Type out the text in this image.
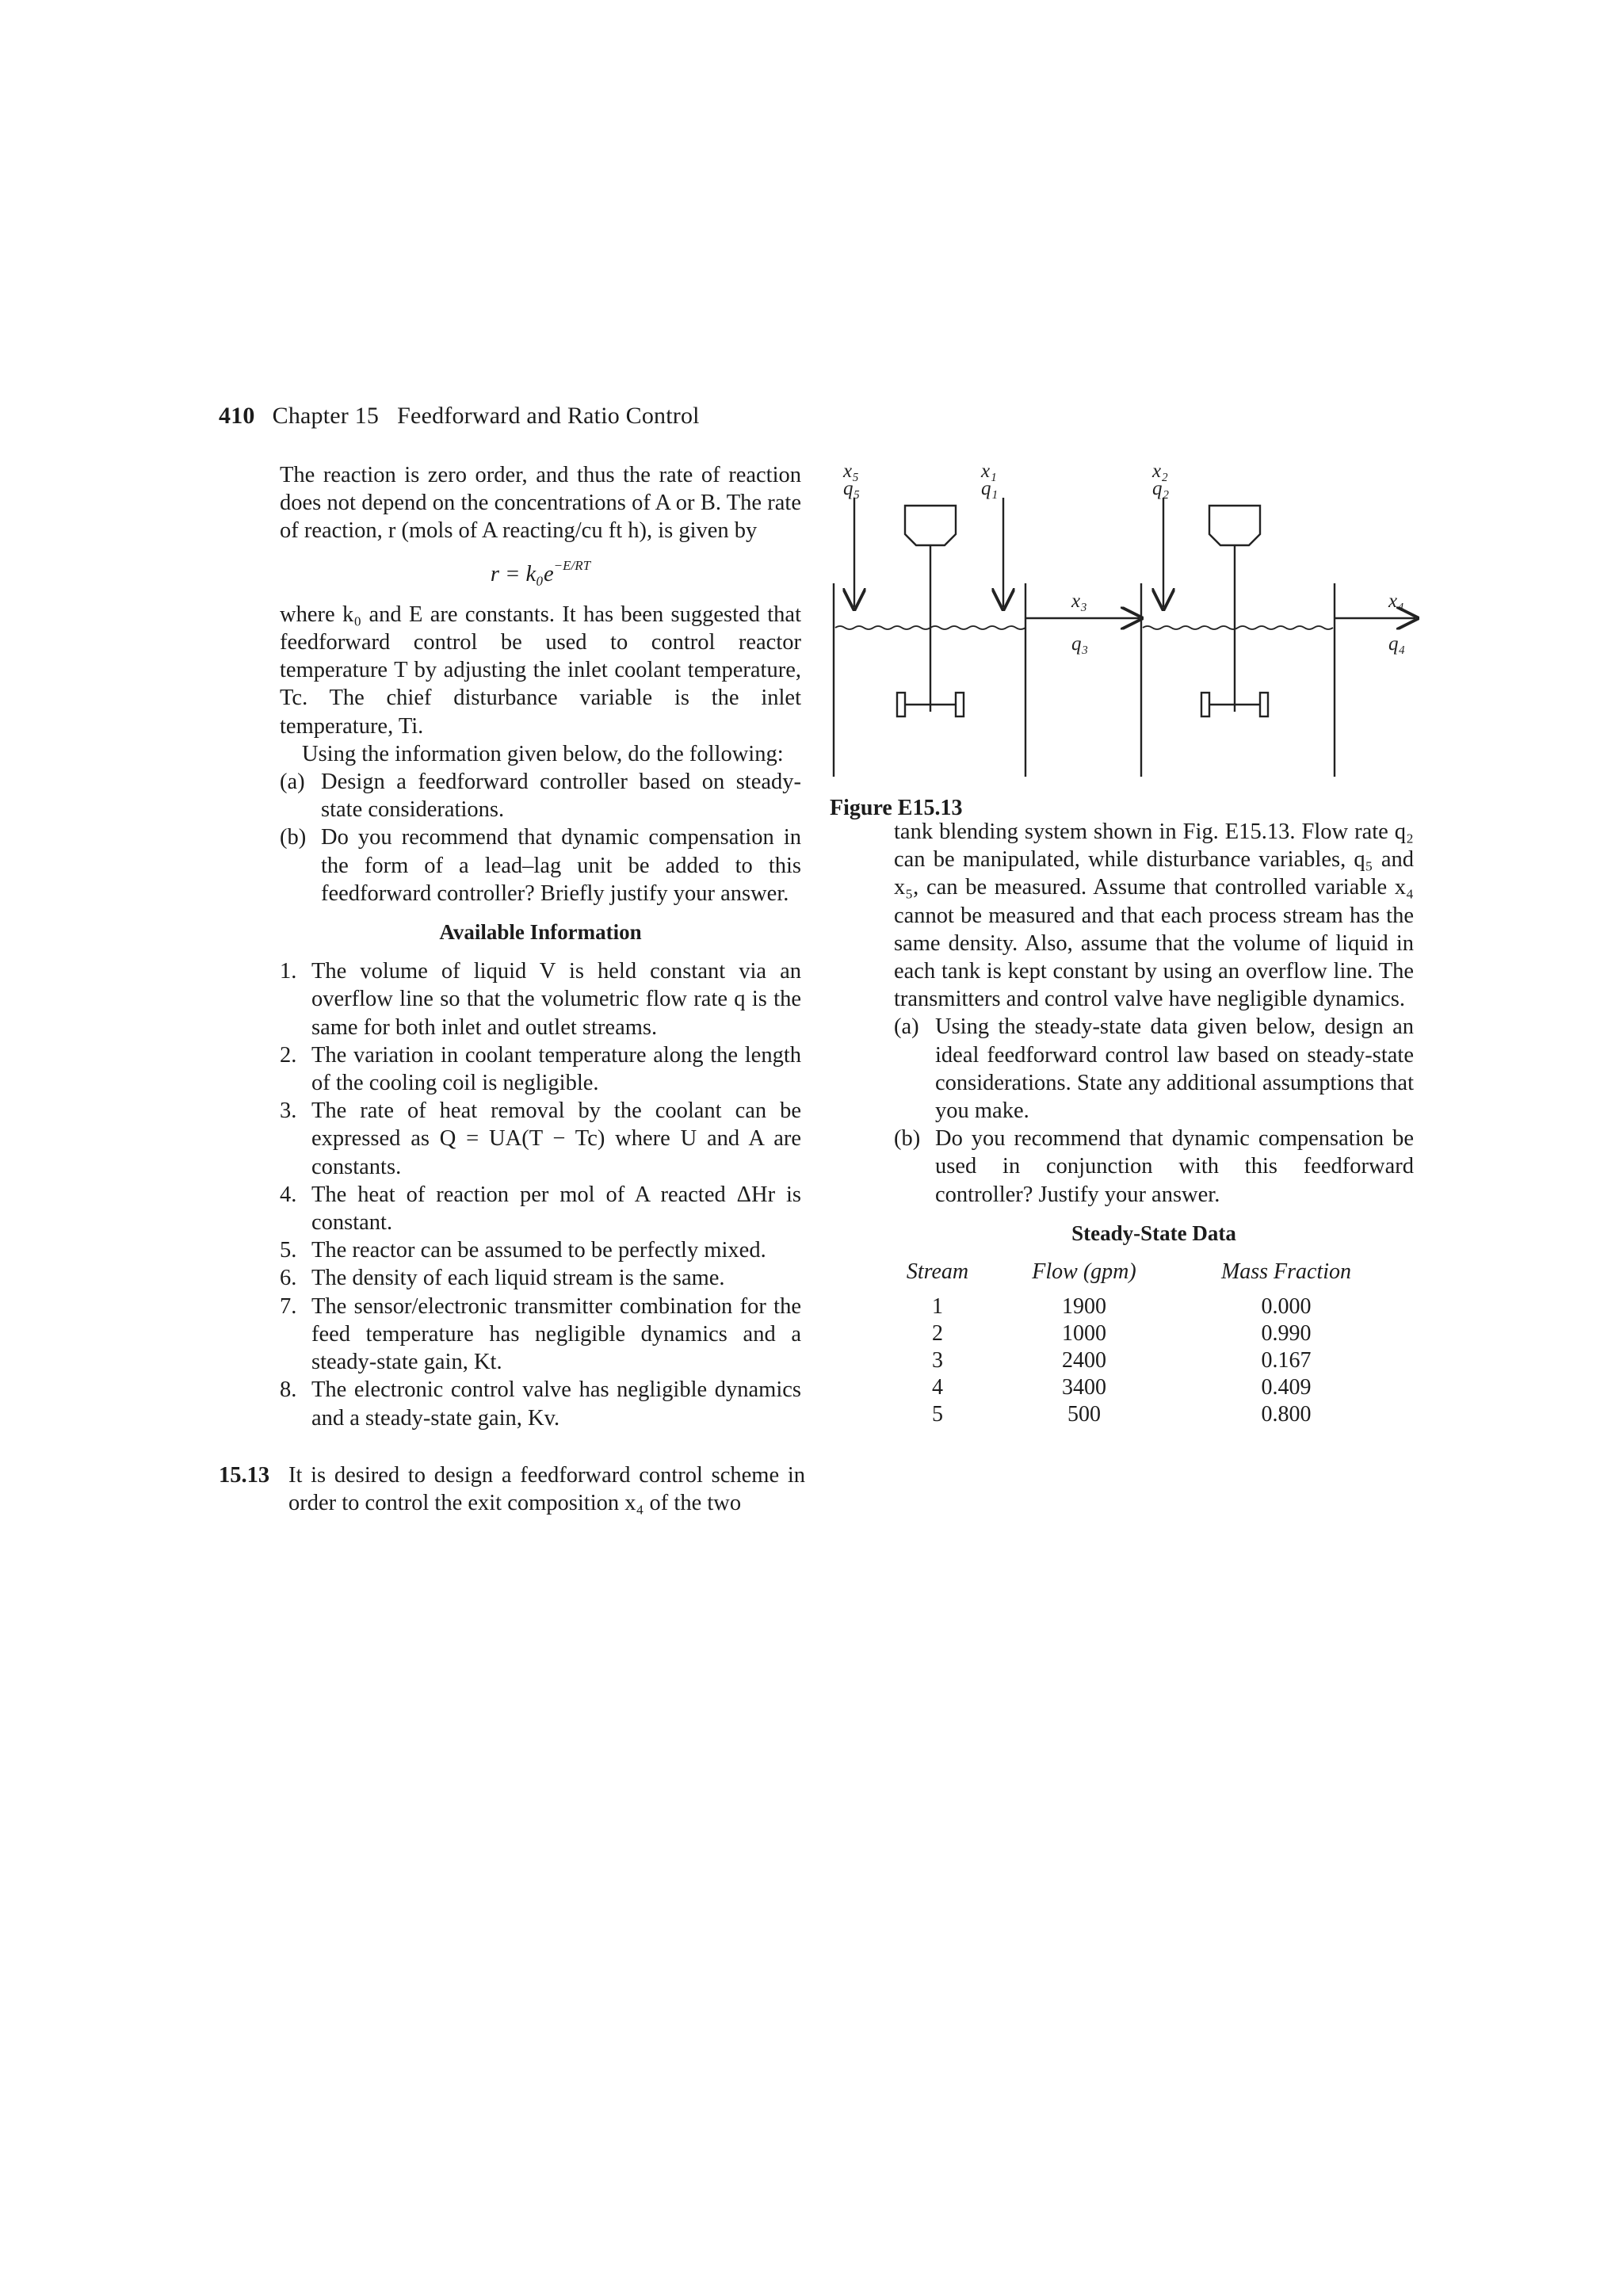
410 Chapter 15   Feedforward and Ratio Control

The reaction is zero order, and thus the rate of reaction does not depend on the concentrations of A or B. The rate of reaction, r (mols of A reacting/cu ft h), is given by

$r = k_0e^{-E/RT}$

where k₀ and E are constants. It has been suggested that feedforward control be used to control reactor temperature T by adjusting the inlet coolant temperature, Tc. The chief disturbance variable is the inlet temperature, Ti.

Using the information given below, do the following:

(a) Design a feedforward controller based on steady-state considerations.
(b) Do you recommend that dynamic compensation in the form of a lead–lag unit be added to this feedforward controller? Briefly justify your answer.
Available Information
1. The volume of liquid V is held constant via an overflow line so that the volumetric flow rate q is the same for both inlet and outlet streams.
2. The variation in coolant temperature along the length of the cooling coil is negligible.
3. The rate of heat removal by the coolant can be expressed as Q = UA(T − Tc) where U and A are constants.
4. The heat of reaction per mol of A reacted ΔHr is constant.
5. The reactor can be assumed to be perfectly mixed.
6. The density of each liquid stream is the same.
7. The sensor/electronic transmitter combination for the feed temperature has negligible dynamics and a steady-state gain, Kt.
8. The electronic control valve has negligible dynamics and a steady-state gain, Kv.
15.13 It is desired to design a feedforward control scheme in order to control the exit composition x₄ of the two

x₅
q₅
x₁
q₁
x₂
q₂
x₃
q₃
x₄
q₄
Figure E15.13

tank blending system shown in Fig. E15.13. Flow rate q₂ can be manipulated, while disturbance variables, q₅ and x₅, can be measured. Assume that controlled variable x₄ cannot be measured and that each process stream has the same density. Also, assume that the volume of liquid in each tank is kept constant by using an overflow line. The transmitters and control valve have negligible dynamics.

(a) Using the steady-state data given below, design an ideal feedforward control law based on steady-state considerations. State any additional assumptions that you make.
(b) Do you recommend that dynamic compensation be used in conjunction with this feedforward controller? Justify your answer.
Steady-State Data
Stream	Flow (gpm)	Mass Fraction
1	1900	0.000
2	1000	0.990
3	2400	0.167
4	3400	0.409
5	500	0.800
